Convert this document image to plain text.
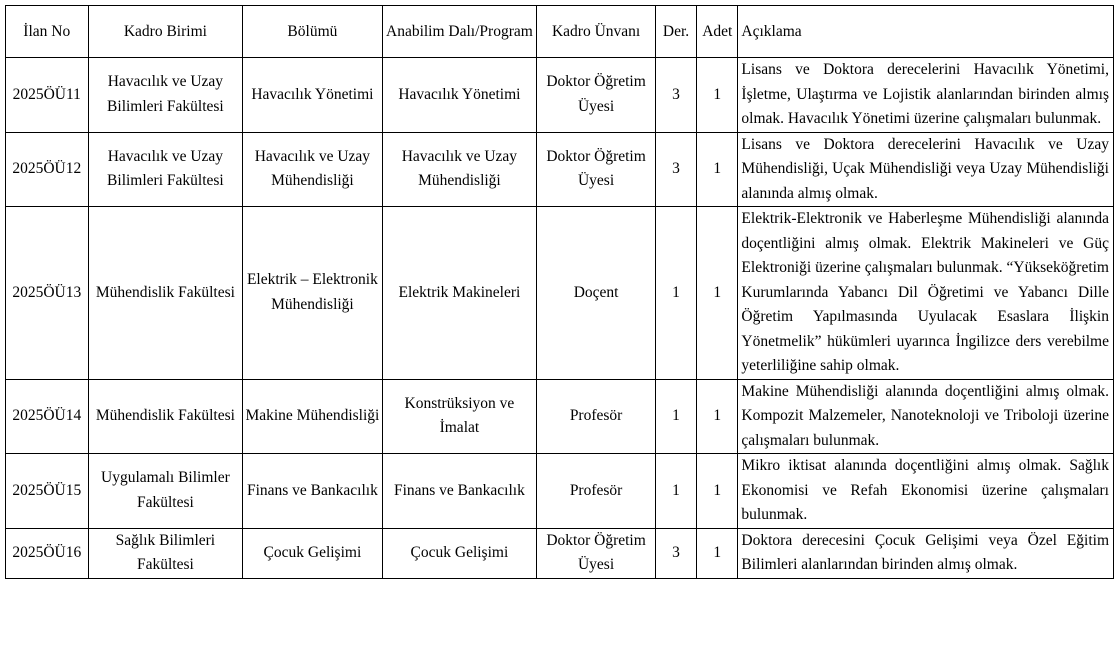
İlan No	Kadro Birimi	Bölümü	Anabilim Dalı/Program	Kadro Ünvanı	Der.	Adet	Açıklama
2025ÖÜ11	Havacılık ve Uzay Bilimleri Fakültesi	Havacılık Yönetimi	Havacılık Yönetimi	Doktor Öğretim Üyesi	3	1	Lisans ve Doktora derecelerini Havacılık Yönetimi, İşletme, Ulaştırma ve Lojistik alanlarından birinden almış olmak. Havacılık Yönetimi üzerine çalışmaları bulunmak.
2025ÖÜ12	Havacılık ve Uzay Bilimleri Fakültesi	Havacılık ve Uzay Mühendisliği	Havacılık ve Uzay Mühendisliği	Doktor Öğretim Üyesi	3	1	Lisans ve Doktora derecelerini Havacılık ve Uzay Mühendisliği, Uçak Mühendisliği veya Uzay Mühendisliği alanında almış olmak.
2025ÖÜ13	Mühendislik Fakültesi	Elektrik – Elektronik Mühendisliği	Elektrik Makineleri	Doçent	1	1	Elektrik-Elektronik ve Haberleşme Mühendisliği alanında doçentliğini almış olmak. Elektrik Makineleri ve Güç Elektroniği üzerine çalışmaları bulunmak. “Yükseköğretim Kurumlarında Yabancı Dil Öğretimi ve Yabancı Dille Öğretim Yapılmasında Uyulacak Esaslara İlişkin Yönetmelik” hükümleri uyarınca İngilizce ders verebilme yeterliliğine sahip olmak.
2025ÖÜ14	Mühendislik Fakültesi	Makine Mühendisliği	Konstrüksiyon ve İmalat	Profesör	1	1	Makine Mühendisliği alanında doçentliğini almış olmak. Kompozit Malzemeler, Nanoteknoloji ve Triboloji üzerine çalışmaları bulunmak.
2025ÖÜ15	Uygulamalı Bilimler Fakültesi	Finans ve Bankacılık	Finans ve Bankacılık	Profesör	1	1	Mikro iktisat alanında doçentliğini almış olmak. Sağlık Ekonomisi ve Refah Ekonomisi üzerine çalışmaları bulunmak.
2025ÖÜ16	Sağlık Bilimleri Fakültesi	Çocuk Gelişimi	Çocuk Gelişimi	Doktor Öğretim Üyesi	3	1	Doktora derecesini Çocuk Gelişimi veya Özel Eğitim Bilimleri alanlarından birinden almış olmak.
